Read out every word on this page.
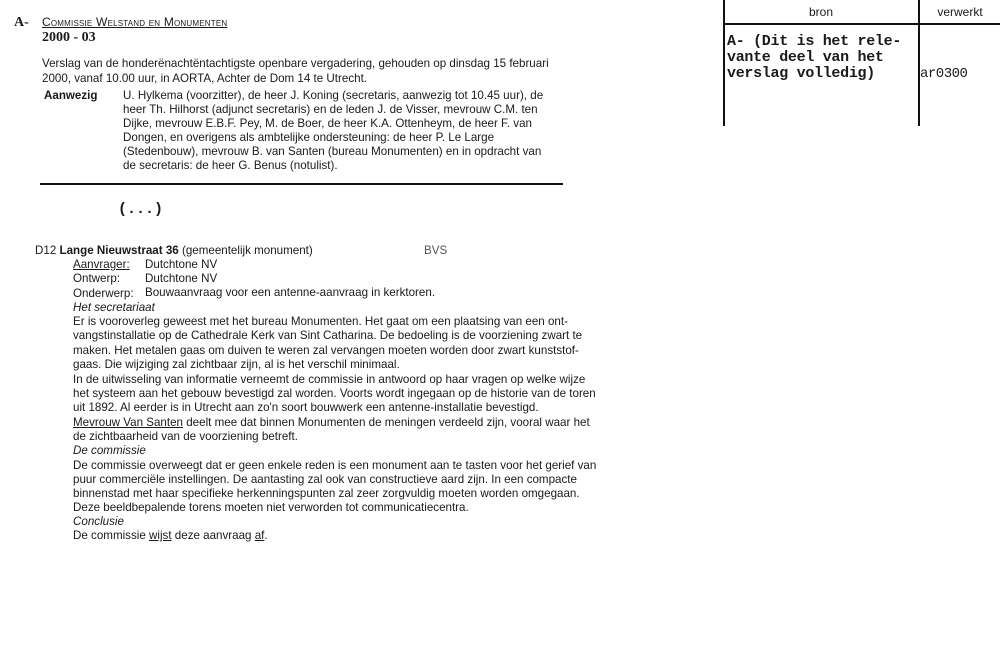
A- Commissie Welstand en Monumenten
2000 - 03
Verslag van de honderënachtëntachtigste openbare vergadering, gehouden op dinsdag 15 februari
2000, vanaf 10.00 uur, in AORTA, Achter de Dom 14 te Utrecht.
Aanwezig U. Hylkema (voorzitter), de heer J. Koning (secretaris, aanwezig tot 10.45 uur), de
heer Th. Hilhorst (adjunct secretaris) en de leden J. de Visser, mevrouw C.M. ten
Dijke, mevrouw E.B.F. Pey, M. de Boer, de heer K.A. Ottenheym, de heer F. van
Dongen, en overigens als ambtelijke ondersteuning: de heer P. Le Large
(Stedenbouw), mevrouw B. van Santen (bureau Monumenten) en in opdracht van
de secretaris: de heer G. Benus (notulist).
(...)
D12 Lange Nieuwstraat 36 (gemeentelijk monument)	BVS
Aanvrager: Dutchtone NV
Ontwerp: Dutchtone NV
Onderwerp: Bouwaanvraag voor een antenne-aanvraag in kerktoren.
Het secretariaat
Er is vooroverleg geweest met het bureau Monumenten. Het gaat om een plaatsing van een ont-
vangstinstallatie op de Cathedrale Kerk van Sint Catharina. De bedoeling is de voorziening zwart te
maken. Het metalen gaas om duiven te weren zal vervangen moeten worden door zwart kunststof-
gaas. Die wijziging zal zichtbaar zijn, al is het verschil minimaal.
In de uitwisseling van informatie verneemt de commissie in antwoord op haar vragen op welke wijze
het systeem aan het gebouw bevestigd zal worden. Voorts wordt ingegaan op de historie van de toren
uit 1892. Al eerder is in Utrecht aan zo'n soort bouwwerk een antenne-installatie bevestigd.
Mevrouw Van Santen deelt mee dat binnen Monumenten de meningen verdeeld zijn, vooral waar het
de zichtbaarheid van de voorziening betreft.
De commissie
De commissie overweegt dat er geen enkele reden is een monument aan te tasten voor het gerief van
puur commerciële instellingen. De aantasting zal ook van constructieve aard zijn. In een compacte
binnenstad met haar specifieke herkenningspunten zal zeer zorgvuldig moeten worden omgegaan.
Deze beeldbepalende torens moeten niet verworden tot communicatiecentra.
Conclusie
De commissie wijst deze aanvraag af.
bron	verwerkt
A- (Dit is het rele-
vante deel van het
verslag volledig)	ar0300
